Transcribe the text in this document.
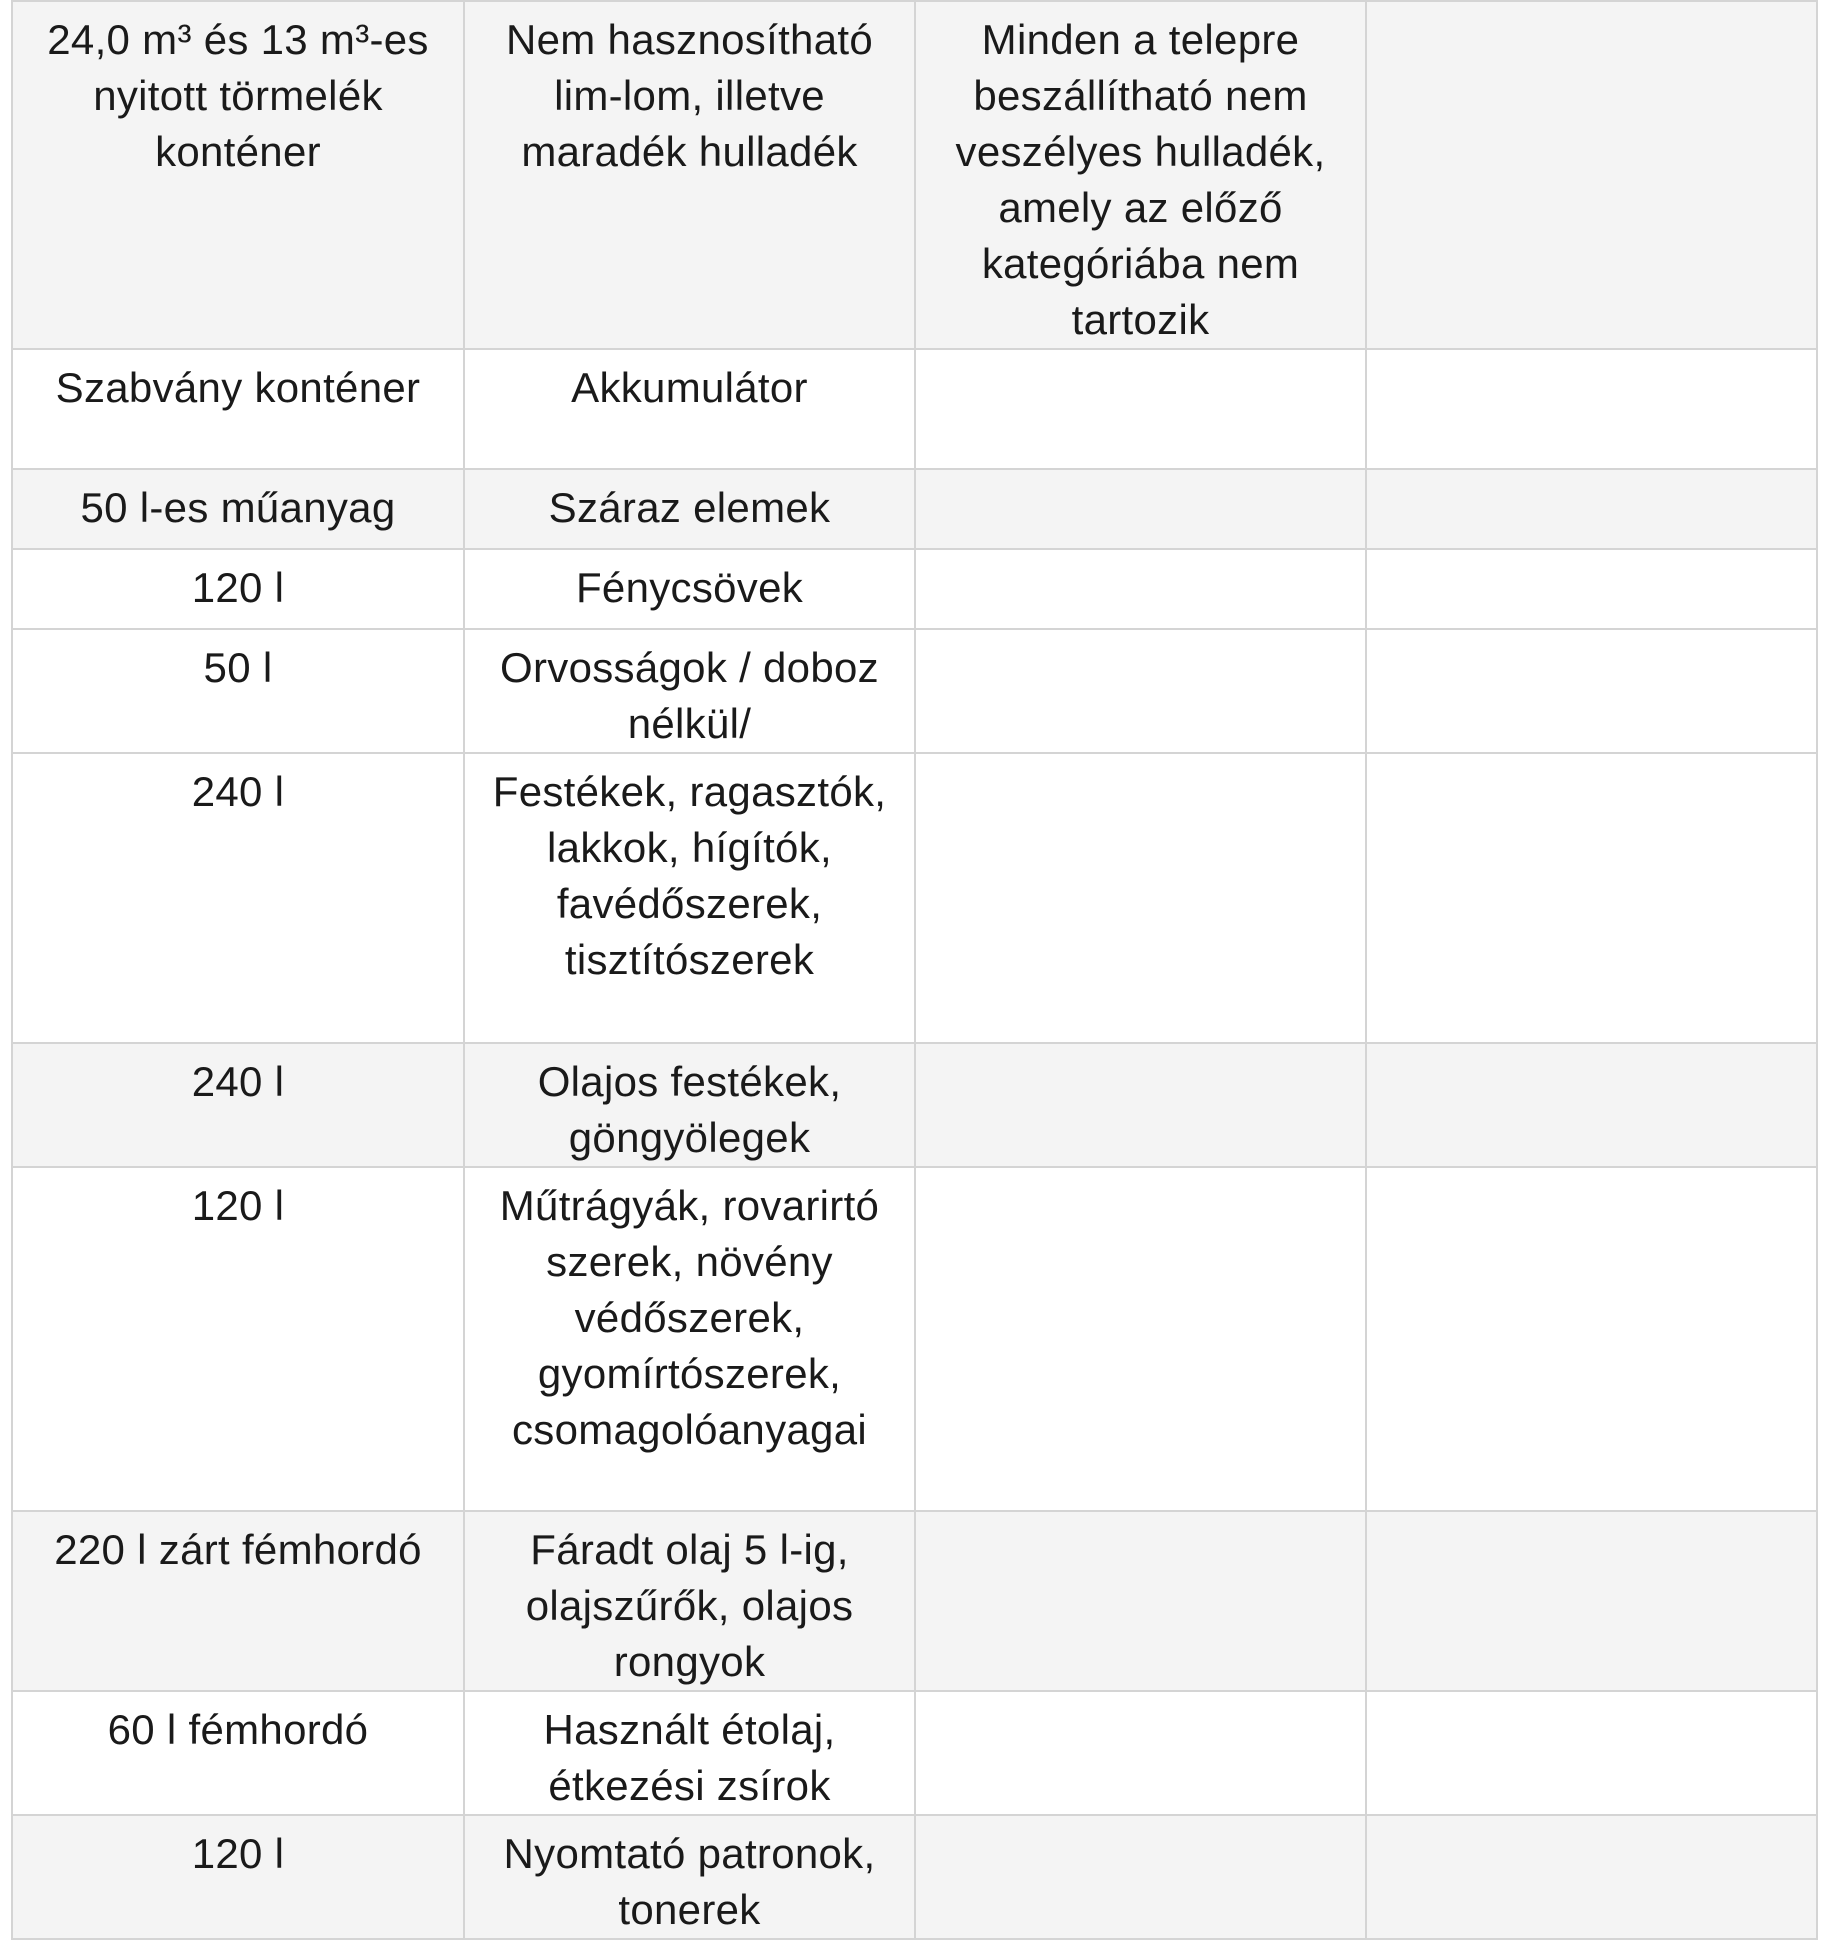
24,0 m³ és 13 m³-es nyitott törmelék konténer	Nem hasznosítható lim-lom, illetve maradék hulladék	Minden a telepre beszállítható nem veszélyes hulladék, amely az előző kategóriába nem tartozik	
Szabvány konténer	Akkumulátor		
50 l-es műanyag	Száraz elemek		
120 l	Fénycsövek		
50 l	Orvosságok / doboz nélkül/		
240 l	Festékek, ragasztók, lakkok, hígítók, favédőszerek, tisztítószerek		
240 l	Olajos festékek, göngyölegek		
120 l	Műtrágyák, rovarirtó szerek, növény védőszerek, gyomírtószerek, csomagolóanyagai		
220 l zárt fémhordó	Fáradt olaj 5 l-ig, olajszűrők, olajos rongyok		
60 l fémhordó	Használt étolaj, étkezési zsírok		
120 l	Nyomtató patronok, tonerek		
